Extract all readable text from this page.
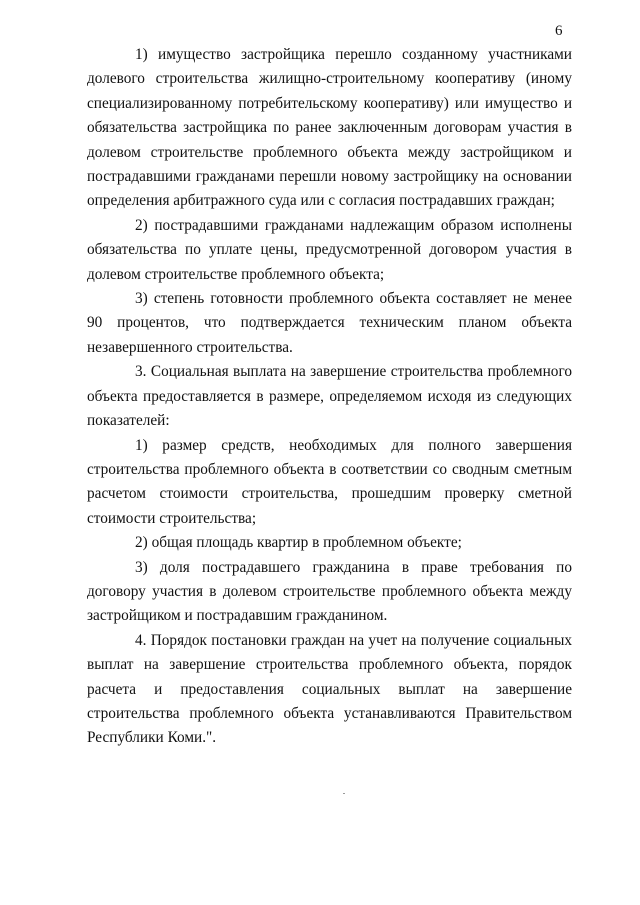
6

1) имущество застройщика перешло созданному участниками долевого строительства жилищно-строительному кооперативу (иному специализированному потребительскому кооперативу) или имущество и обязательства застройщика по ранее заключенным договорам участия в долевом строительстве проблемного объекта между застройщиком и пострадавшими гражданами перешли новому застройщику на основании определения арбитражного суда или с согласия пострадавших граждан;

2) пострадавшими гражданами надлежащим образом исполнены обязательства по уплате цены, предусмотренной договором участия в долевом строительстве проблемного объекта;

3) степень готовности проблемного объекта составляет не менее 90 процентов, что подтверждается техническим планом объекта незавершенного строительства.

3. Социальная выплата на завершение строительства проблемного объекта предоставляется в размере, определяемом исходя из следующих показателей:

1) размер средств, необходимых для полного завершения строительства проблемного объекта в соответствии со сводным сметным расчетом стоимости строительства, прошедшим проверку сметной стоимости строительства;

2) общая площадь квартир в проблемном объекте;

3) доля пострадавшего гражданина в праве требования по договору участия в долевом строительстве проблемного объекта между застройщиком и пострадавшим гражданином.

4. Порядок постановки граждан на учет на получение социальных выплат на завершение строительства проблемного объекта, порядок расчета и предоставления социальных выплат на завершение строительства проблемного объекта устанавливаются Правительством Республики Коми.".
